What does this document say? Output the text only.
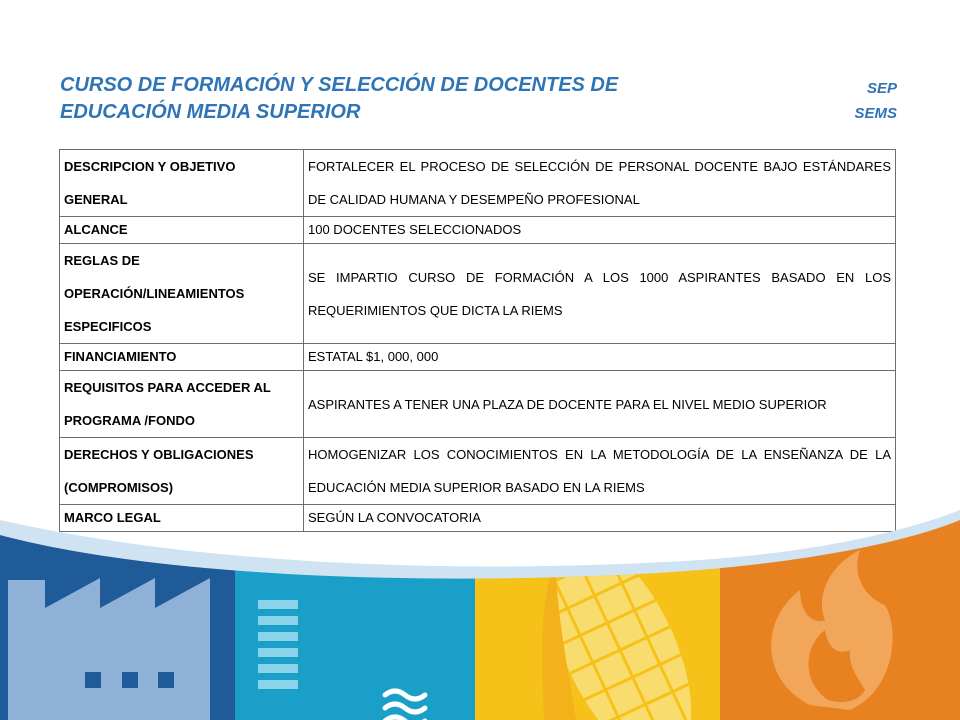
CURSO DE FORMACIÓN Y SELECCIÓN DE DOCENTES DE
EDUCACIÓN MEDIA SUPERIOR
SEP
SEMS
DESCRIPCION Y OBJETIVO GENERAL	FORTALECER EL PROCESO DE SELECCIÓN DE PERSONAL DOCENTE BAJO ESTÁNDARES DE CALIDAD HUMANA Y DESEMPEÑO PROFESIONAL
ALCANCE	100 DOCENTES SELECCIONADOS
REGLAS DE OPERACIÓN/LINEAMIENTOS ESPECIFICOS	SE IMPARTIO CURSO DE FORMACIÓN A LOS 1000 ASPIRANTES BASADO EN LOS REQUERIMIENTOS QUE DICTA LA RIEMS
FINANCIAMIENTO	ESTATAL $1, 000, 000
REQUISITOS PARA ACCEDER AL PROGRAMA /FONDO	ASPIRANTES A TENER UNA PLAZA DE DOCENTE PARA EL NIVEL MEDIO SUPERIOR
DERECHOS Y OBLIGACIONES (COMPROMISOS)	HOMOGENIZAR LOS CONOCIMIENTOS EN LA METODOLOGÍA DE LA ENSEÑANZA DE LA EDUCACIÓN MEDIA SUPERIOR BASADO EN LA RIEMS
MARCO LEGAL	SEGÚN LA CONVOCATORIA
